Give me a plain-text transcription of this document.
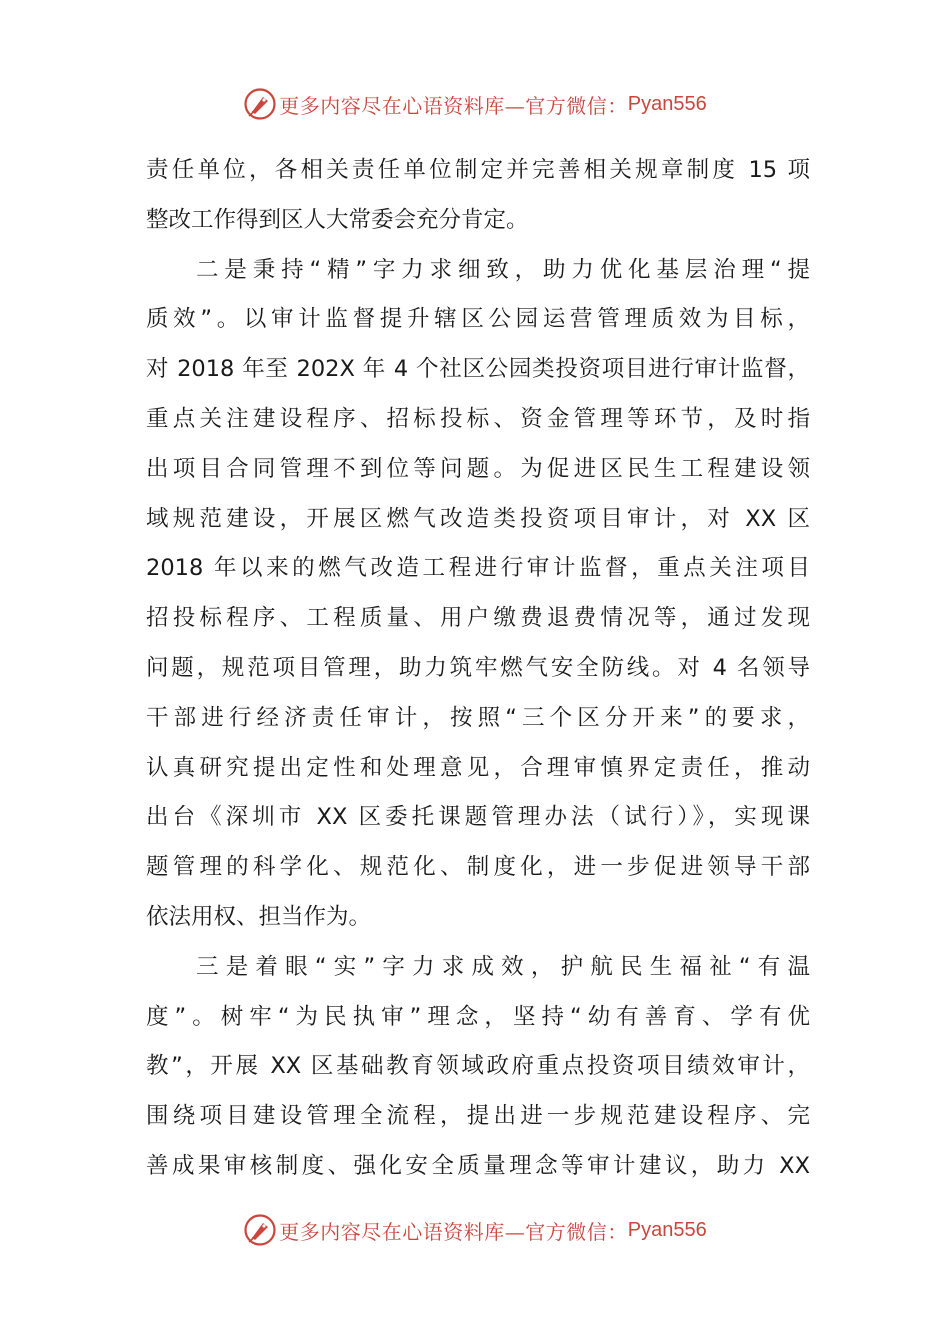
更多内容尽在心语资料库—官方微信： Pyan556
责任单位，各相关责任单位制定并完善相关规章制度 15 项
整改工作得到区人大常委会充分肯定。
二是秉持“精”字力求细致，助力优化基层治理“提
质效”。以审计监督提升辖区公园运营管理质效为目标，
对 2018 年至 202X 年 4 个社区公园类投资项目进行审计监督，
重点关注建设程序、招标投标、资金管理等环节，及时指
出项目合同管理不到位等问题。为促进区民生工程建设领
域规范建设，开展区燃气改造类投资项目审计，对 XX 区
2018 年以来的燃气改造工程进行审计监督，重点关注项目
招投标程序、工程质量、用户缴费退费情况等，通过发现
问题，规范项目管理，助力筑牢燃气安全防线。对 4 名领导
干部进行经济责任审计，按照“三个区分开来”的要求，
认真研究提出定性和处理意见，合理审慎界定责任，推动
出台《深圳市 XX 区委托课题管理办法（试行）》，实现课
题管理的科学化、规范化、制度化，进一步促进领导干部
依法用权、担当作为。
三是着眼“实”字力求成效，护航民生福祉“有温
度”。树牢“为民执审”理念，坚持“幼有善育、学有优
教”，开展 XX 区基础教育领域政府重点投资项目绩效审计，
围绕项目建设管理全流程，提出进一步规范建设程序、完
善成果审核制度、强化安全质量理念等审计建议，助力 XX
更多内容尽在心语资料库—官方微信： Pyan556
